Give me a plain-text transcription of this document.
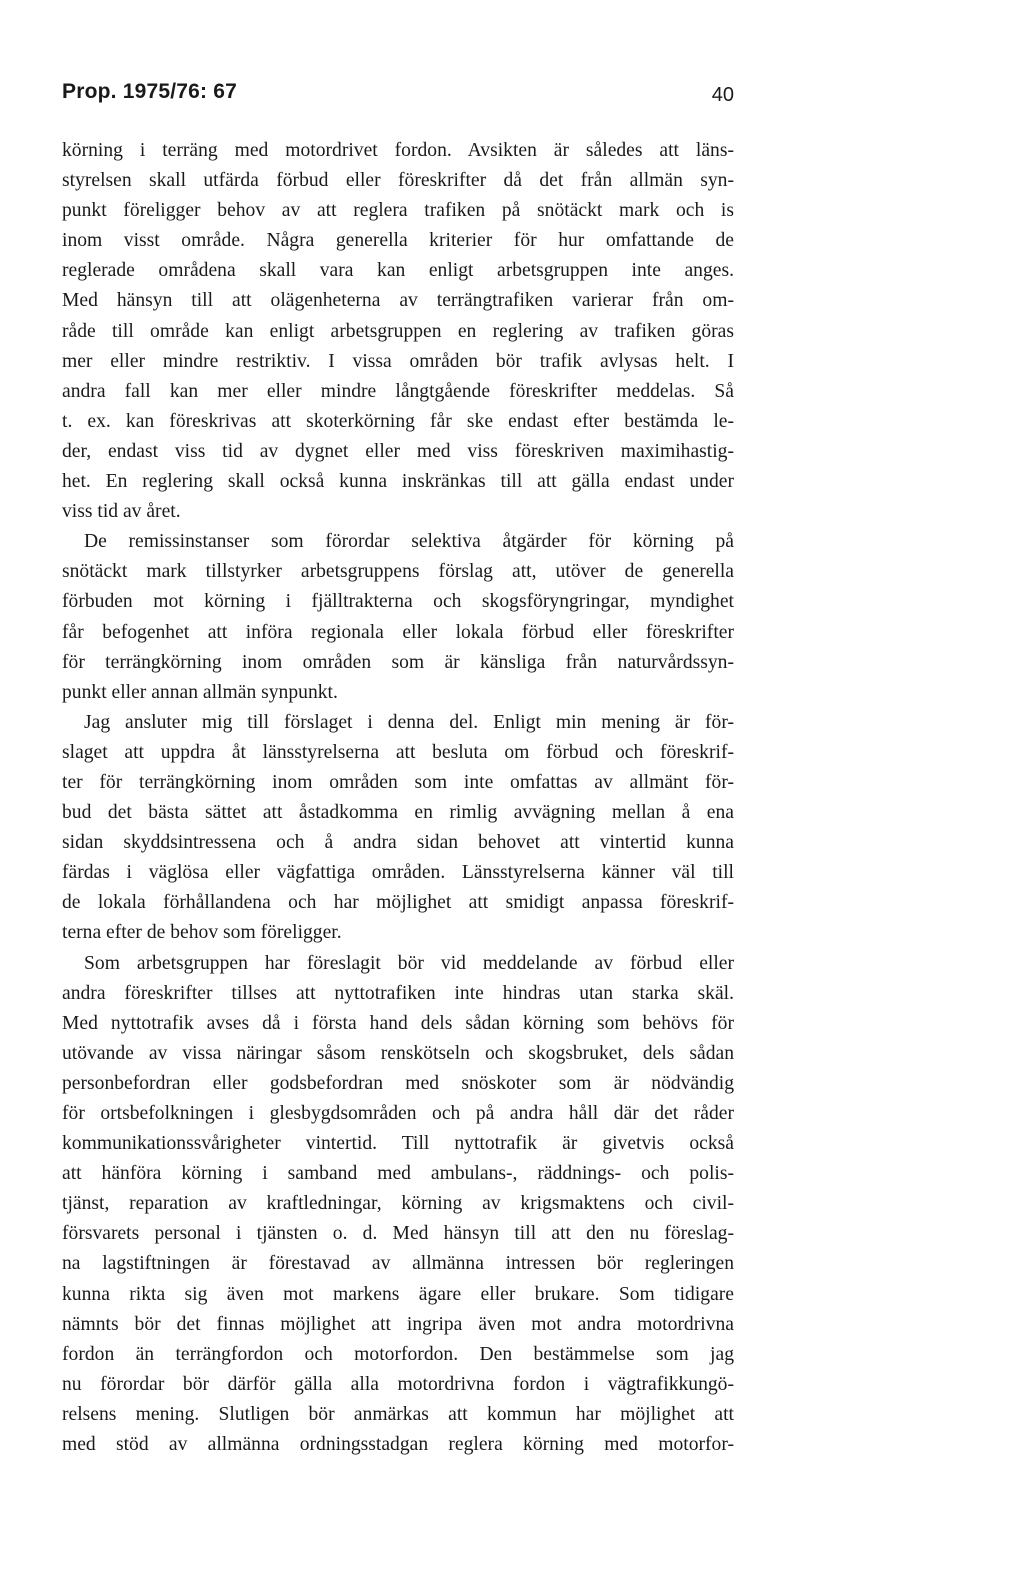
Prop. 1975/76: 67	40
körning i terräng med motordrivet fordon. Avsikten är således att läns-
styrelsen skall utfärda förbud eller föreskrifter då det från allmän syn-
punkt föreligger behov av att reglera trafiken på snötäckt mark och is
inom visst område. Några generella kriterier för hur omfattande de
reglerade områdena skall vara kan enligt arbetsgruppen inte anges.
Med hänsyn till att olägenheterna av terrängtrafiken varierar från om-
råde till område kan enligt arbetsgruppen en reglering av trafiken göras
mer eller mindre restriktiv. I vissa områden bör trafik avlysas helt. I
andra fall kan mer eller mindre långtgående föreskrifter meddelas. Så
t. ex. kan föreskrivas att skoterkörning får ske endast efter bestämda le-
der, endast viss tid av dygnet eller med viss föreskriven maximihastig-
het. En reglering skall också kunna inskränkas till att gälla endast under
viss tid av året.
De remissinstanser som förordar selektiva åtgärder för körning på
snötäckt mark tillstyrker arbetsgruppens förslag att, utöver de generella
förbuden mot körning i fjälltrakterna och skogsföryngringar, myndighet
får befogenhet att införa regionala eller lokala förbud eller föreskrifter
för terrängkörning inom områden som är känsliga från naturvårdssyn-
punkt eller annan allmän synpunkt.
Jag ansluter mig till förslaget i denna del. Enligt min mening är för-
slaget att uppdra åt länsstyrelserna att besluta om förbud och föreskrif-
ter för terrängkörning inom områden som inte omfattas av allmänt för-
bud det bästa sättet att åstadkomma en rimlig avvägning mellan å ena
sidan skyddsintressena och å andra sidan behovet att vintertid kunna
färdas i väglösa eller vägfattiga områden. Länsstyrelserna känner väl till
de lokala förhållandena och har möjlighet att smidigt anpassa föreskrif-
terna efter de behov som föreligger.
Som arbetsgruppen har föreslagit bör vid meddelande av förbud eller
andra föreskrifter tillses att nyttotrafiken inte hindras utan starka skäl.
Med nyttotrafik avses då i första hand dels sådan körning som behövs för
utövande av vissa näringar såsom renskötseln och skogsbruket, dels sådan
personbefordran eller godsbefordran med snöskoter som är nödvändig
för ortsbefolkningen i glesbygdsområden och på andra håll där det råder
kommunikationssvårigheter vintertid. Till nyttotrafik är givetvis också
att hänföra körning i samband med ambulans-, räddnings- och polis-
tjänst, reparation av kraftledningar, körning av krigsmaktens och civil-
försvarets personal i tjänsten o. d. Med hänsyn till att den nu föreslag-
na lagstiftningen är förestavad av allmänna intressen bör regleringen
kunna rikta sig även mot markens ägare eller brukare. Som tidigare
nämnts bör det finnas möjlighet att ingripa även mot andra motordrivna
fordon än terrängfordon och motorfordon. Den bestämmelse som jag
nu förordar bör därför gälla alla motordrivna fordon i vägtrafikkungö-
relsens mening. Slutligen bör anmärkas att kommun har möjlighet att
med stöd av allmänna ordningsstadgan reglera körning med motorfor-
